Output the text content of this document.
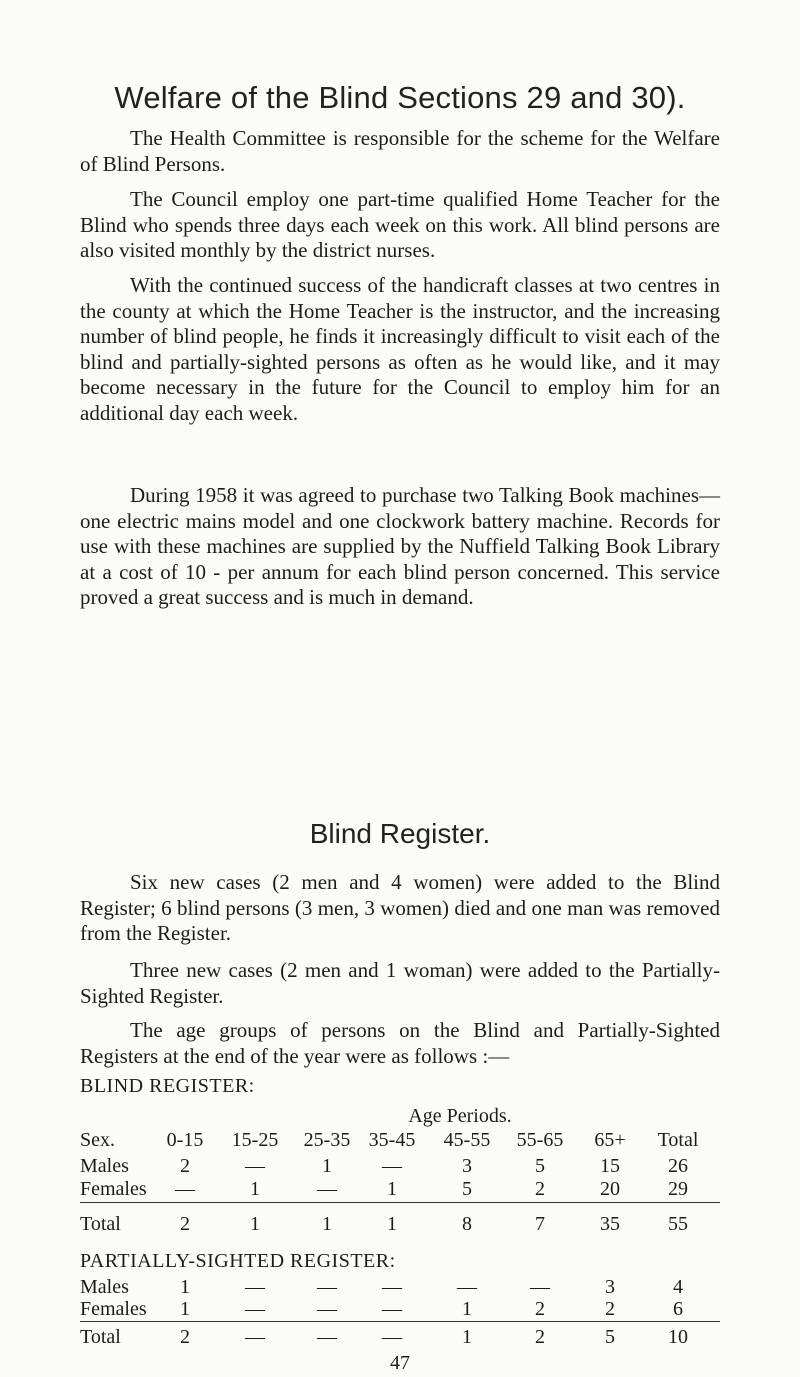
Welfare of the Blind Sections 29 and 30).

The Health Committee is responsible for the scheme for the Welfare of Blind Persons.

The Council employ one part-time qualified Home Teacher for the Blind who spends three days each week on this work. All blind persons are also visited monthly by the district nurses.

With the continued success of the handicraft classes at two centres in the county at which the Home Teacher is the instructor, and the increasing number of blind people, he finds it increasingly difficult to visit each of the blind and partially-sighted persons as often as he would like, and it may become necessary in the future for the Council to employ him for an additional day each week.

During 1958 it was agreed to purchase two Talking Book machines—one electric mains model and one clockwork battery machine. Records for use with these machines are supplied by the Nuffield Talking Book Library at a cost of 10 - per annum for each blind person concerned. This service proved a great success and is much in demand.

Blind Register.

Six new cases (2 men and 4 women) were added to the Blind Register; 6 blind persons (3 men, 3 women) died and one man was removed from the Register.

Three new cases (2 men and 1 woman) were added to the Partially-Sighted Register.

The age groups of persons on the Blind and Partially-Sighted Registers at the end of the year were as follows :—

BLIND REGISTER:
Age Periods.
Sex.	0-15	15-25	25-35 35-45	45-55	55-65	65+	Total
Males	2	—	1	—	3	5	15	26
Females	—	1	—	1	5	2	20	29
Total	2	1	1	1	8	7	35	55
PARTIALLY-SIGHTED REGISTER:
Males	1	—	—	—	—	—	3	4
Females	1	—	—	—	1	2	2	6
Total	2	—	—	—	1	2	5	10
47
